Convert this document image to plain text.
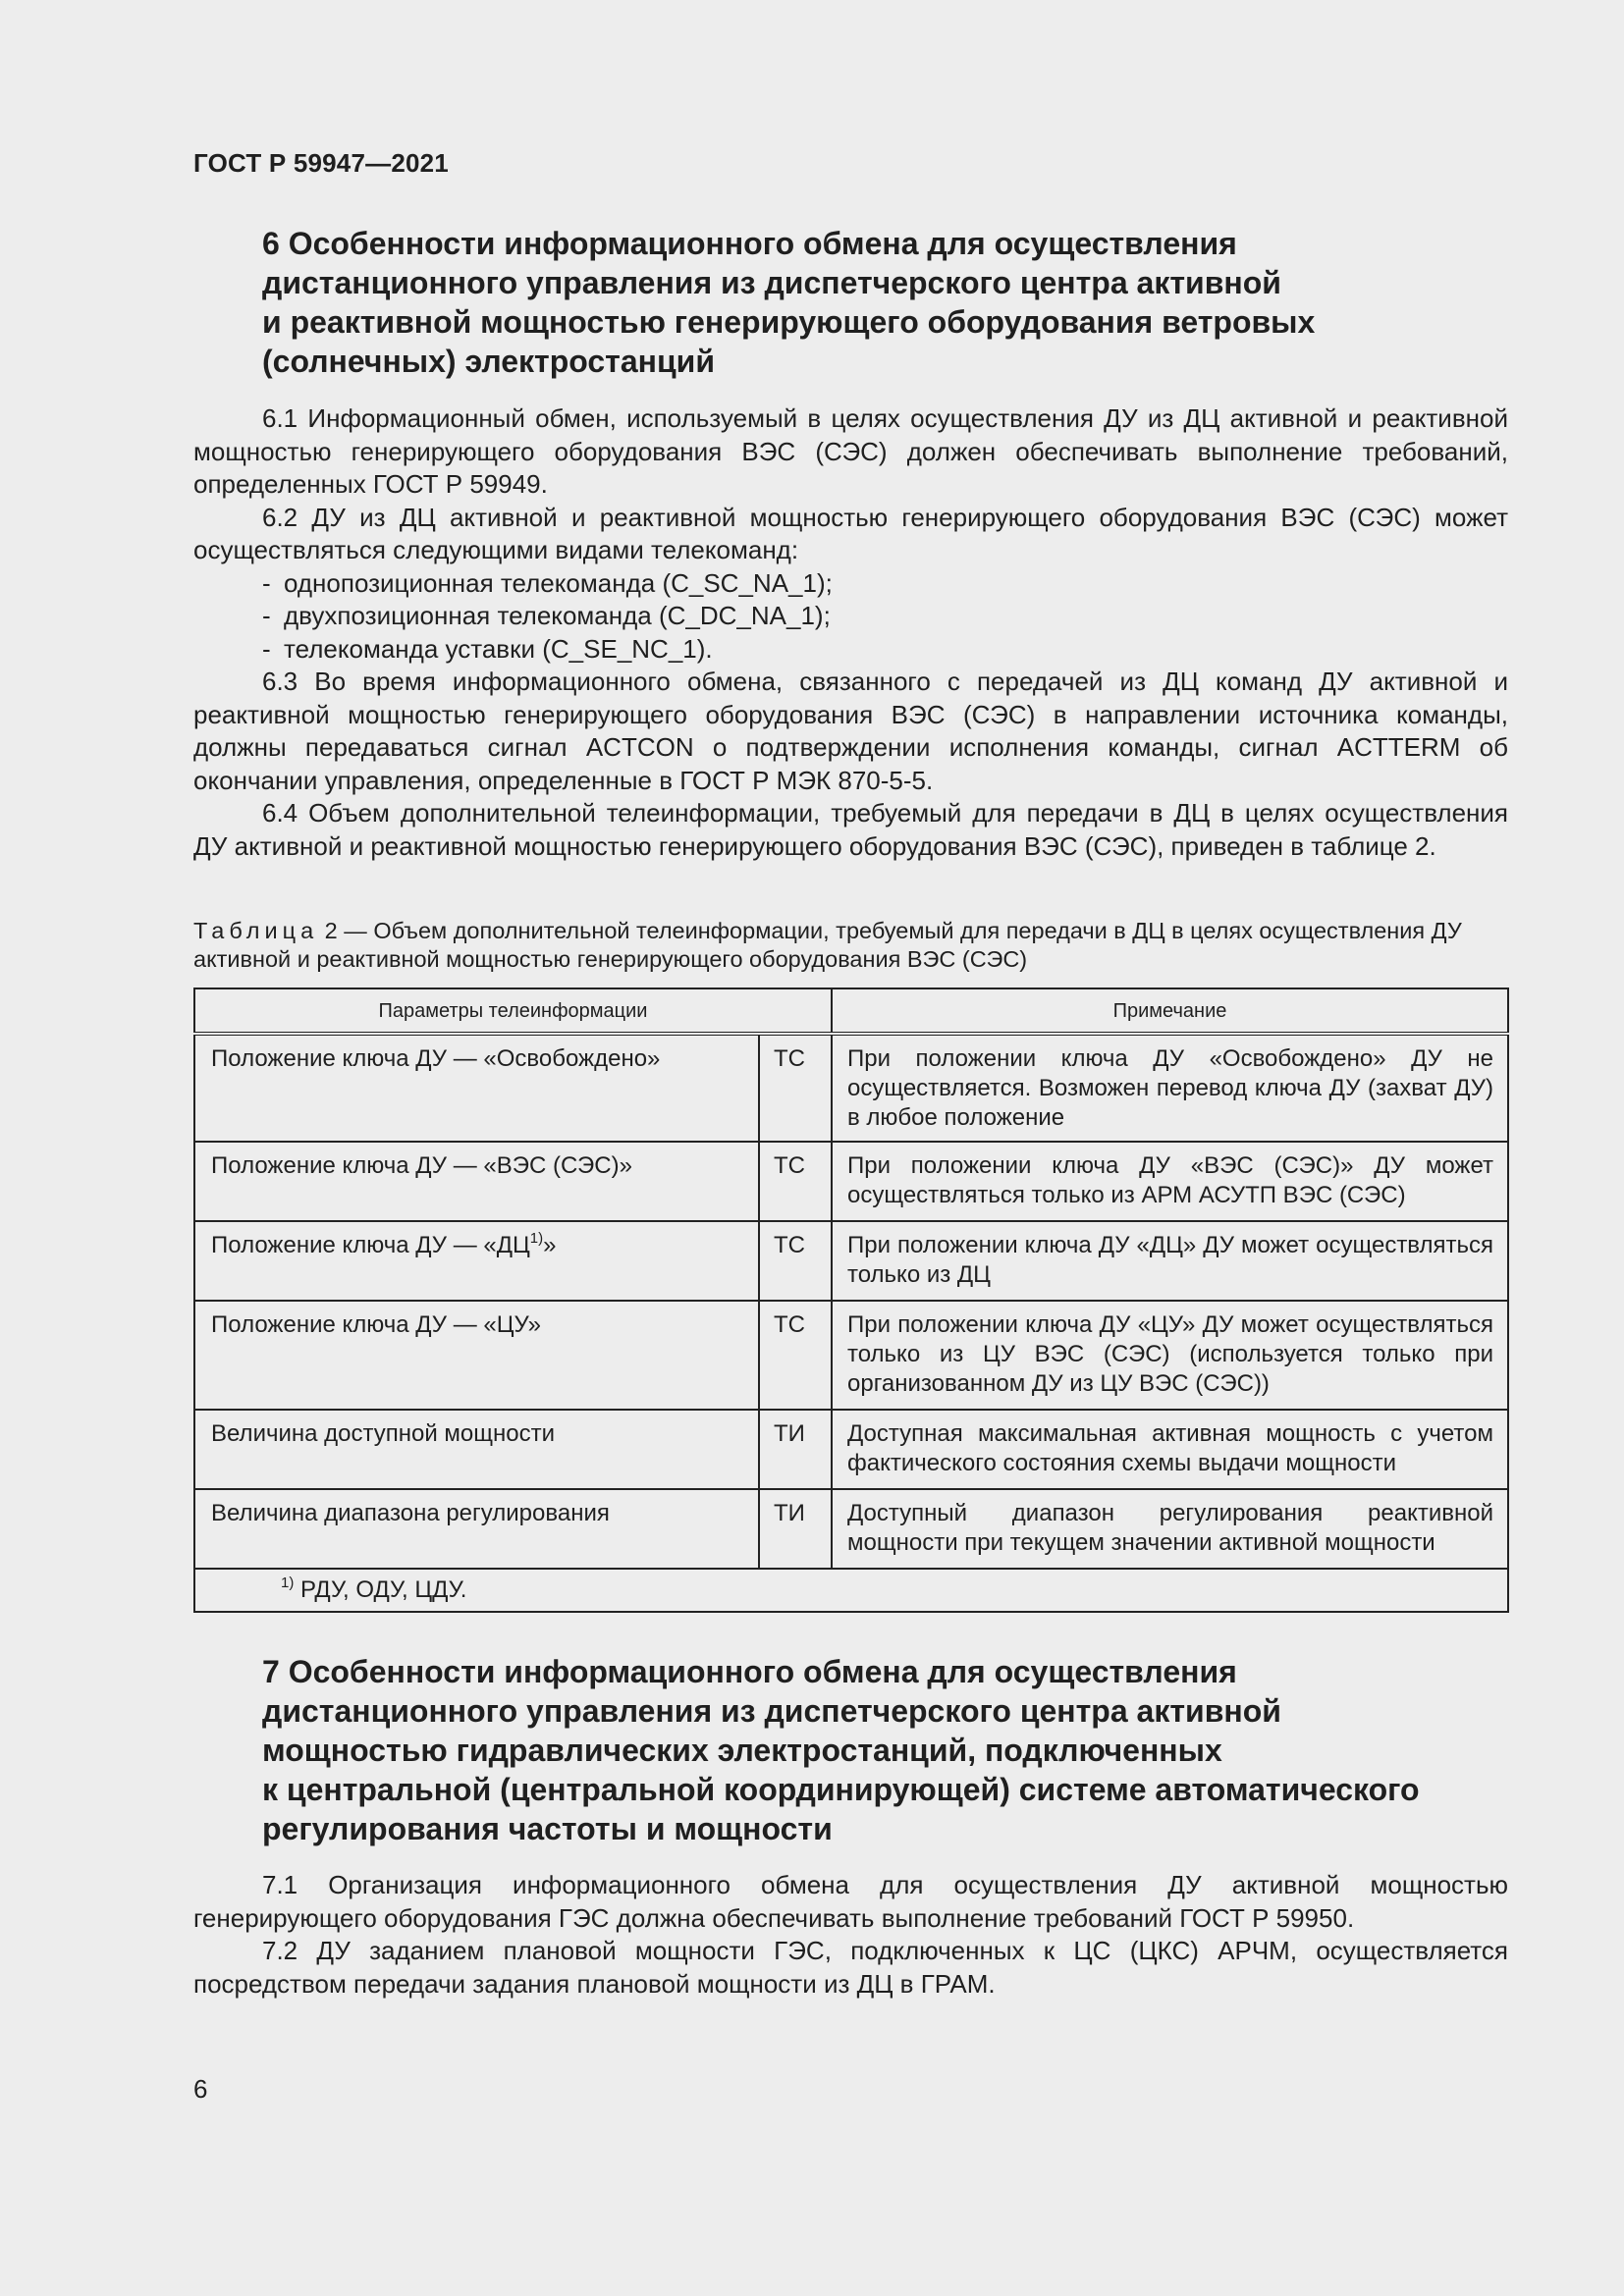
ГОСТ Р 59947—2021
6 Особенности информационного обмена для осуществления
дистанционного управления из диспетчерского центра активной
и реактивной мощностью генерирующего оборудования ветровых
(солнечных) электростанций

6.1 Информационный обмен, используемый в целях осуществления ДУ из ДЦ активной и реактивной мощностью генерирующего оборудования ВЭС (СЭС) должен обеспечивать выполнение требований, определенных ГОСТ Р 59949.

6.2 ДУ из ДЦ активной и реактивной мощностью генерирующего оборудования ВЭС (СЭС) может осуществляться следующими видами телекоманд:

- однопозиционная телекоманда (C_SC_NA_1);

- двухпозиционная телекоманда (C_DC_NA_1);

- телекоманда уставки (C_SE_NC_1).

6.3 Во время информационного обмена, связанного с передачей из ДЦ команд ДУ активной и реактивной мощностью генерирующего оборудования ВЭС (СЭС) в направлении источника команды, должны передаваться сигнал ACTCON о подтверждении исполнения команды, сигнал ACTTERM об окончании управления, определенные в ГОСТ Р МЭК 870-5-5.

6.4 Объем дополнительной телеинформации, требуемый для передачи в ДЦ в целях осуществления ДУ активной и реактивной мощностью генерирующего оборудования ВЭС (СЭС), приведен в таблице 2.

Таблица 2 — Объем дополнительной телеинформации, требуемый для передачи в ДЦ в целях осуществления ДУ активной и реактивной мощностью генерирующего оборудования ВЭС (СЭС)
Параметры телеинформации		Примечание
Положение ключа ДУ — «Освобождено»	ТС	При положении ключа ДУ «Освобождено» ДУ не осуществляется. Возможен перевод ключа ДУ (захват ДУ) в любое положение
Положение ключа ДУ — «ВЭС (СЭС)»	ТС	При положении ключа ДУ «ВЭС (СЭС)» ДУ может осуществляться только из АРМ АСУТП ВЭС (СЭС)
Положение ключа ДУ — «ДЦ$^{1)}$»	ТС	При положении ключа ДУ «ДЦ» ДУ может осуществляться только из ДЦ
Положение ключа ДУ — «ЦУ»	ТС	При положении ключа ДУ «ЦУ» ДУ может осуществляться только из ЦУ ВЭС (СЭС) (используется только при организованном ДУ из ЦУ ВЭС (СЭС))
Величина доступной мощности	ТИ	Доступная максимальная активная мощность с учетом фактического состояния схемы выдачи мощности
Величина диапазона регулирования	ТИ	Доступный диапазон регулирования реактивной мощности при текущем значении активной мощности
$^{1)}$ РДУ, ОДУ, ЦДУ.		
7 Особенности информационного обмена для осуществления
дистанционного управления из диспетчерского центра активной
мощностью гидравлических электростанций, подключенных
к центральной (центральной координирующей) системе автоматического
регулирования частоты и мощности

7.1 Организация информационного обмена для осуществления ДУ активной мощностью генерирующего оборудования ГЭС должна обеспечивать выполнение требований ГОСТ Р 59950.

7.2 ДУ заданием плановой мощности ГЭС, подключенных к ЦС (ЦКС) АРЧМ, осуществляется посредством передачи задания плановой мощности из ДЦ в ГРАМ.

6
